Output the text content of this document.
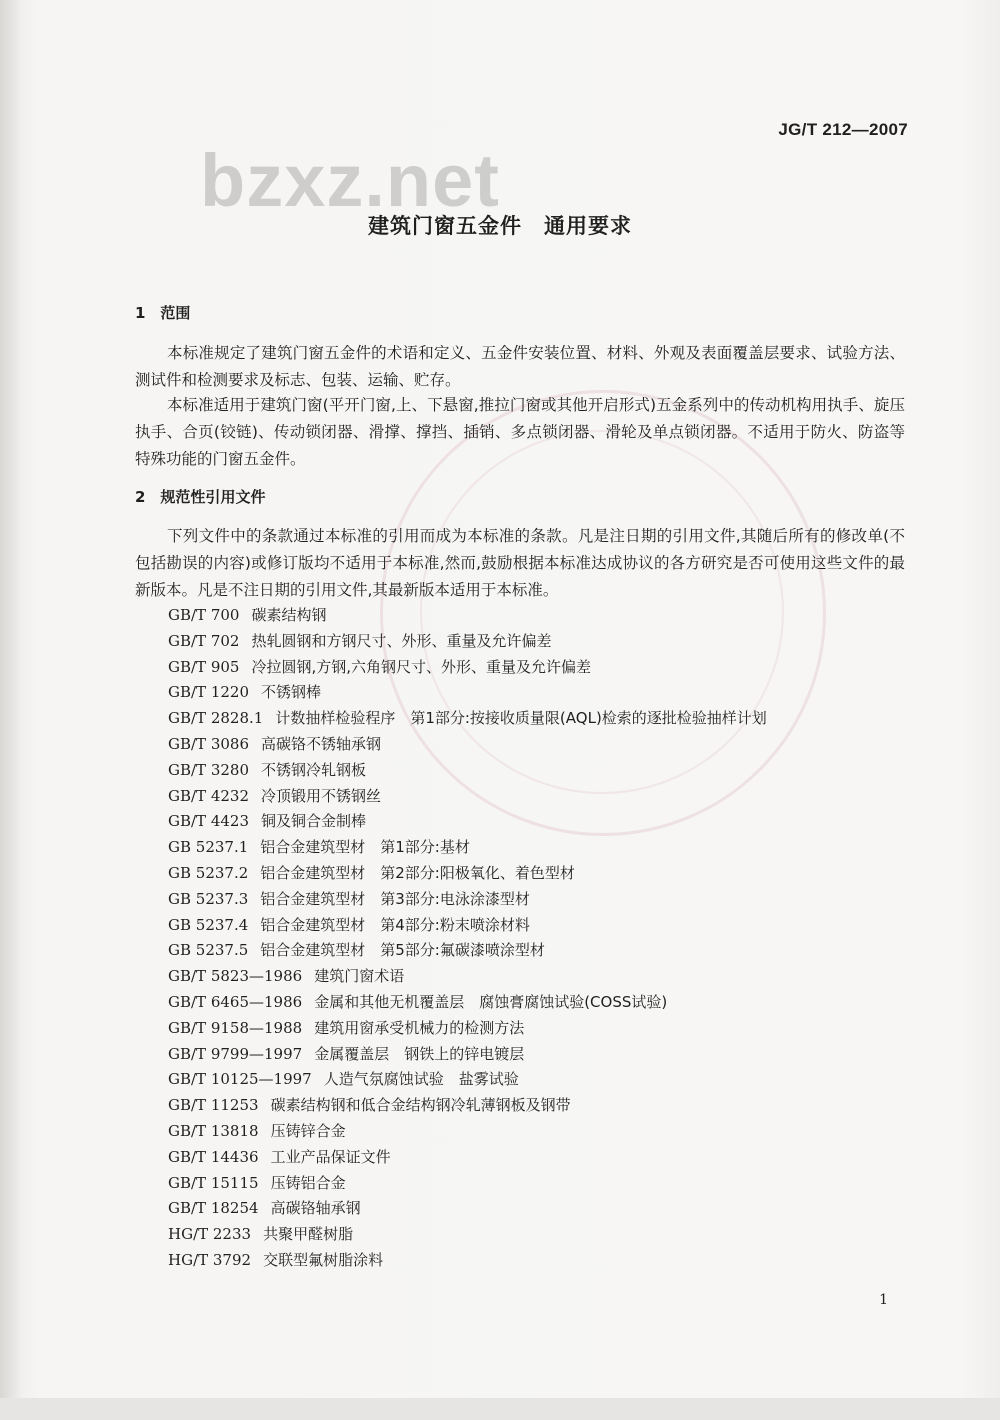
JG/T 212—2007
bzxz.net
建筑门窗五金件　通用要求
1　范围
本标准规定了建筑门窗五金件的术语和定义、五金件安装位置、材料、外观及表面覆盖层要求、试验方法、测试件和检测要求及标志、包装、运输、贮存。
本标准适用于建筑门窗(平开门窗,上、下悬窗,推拉门窗或其他开启形式)五金系列中的传动机构用执手、旋压执手、合页(铰链)、传动锁闭器、滑撑、撑挡、插销、多点锁闭器、滑轮及单点锁闭器。不适用于防火、防盗等特殊功能的门窗五金件。
2　规范性引用文件
下列文件中的条款通过本标准的引用而成为本标准的条款。凡是注日期的引用文件,其随后所有的修改单(不包括勘误的内容)或修订版均不适用于本标准,然而,鼓励根据本标准达成协议的各方研究是否可使用这些文件的最新版本。凡是不注日期的引用文件,其最新版本适用于本标准。
GB/T 700 碳素结构钢
GB/T 702 热轧圆钢和方钢尺寸、外形、重量及允许偏差
GB/T 905 冷拉圆钢,方钢,六角钢尺寸、外形、重量及允许偏差
GB/T 1220 不锈钢棒
GB/T 2828.1 计数抽样检验程序　第1部分:按接收质量限(AQL)检索的逐批检验抽样计划
GB/T 3086 高碳铬不锈轴承钢
GB/T 3280 不锈钢冷轧钢板
GB/T 4232 冷顶锻用不锈钢丝
GB/T 4423 铜及铜合金制棒
GB 5237.1 铝合金建筑型材　第1部分:基材
GB 5237.2 铝合金建筑型材　第2部分:阳极氧化、着色型材
GB 5237.3 铝合金建筑型材　第3部分:电泳涂漆型材
GB 5237.4 铝合金建筑型材　第4部分:粉末喷涂材料
GB 5237.5 铝合金建筑型材　第5部分:氟碳漆喷涂型材
GB/T 5823—1986 建筑门窗术语
GB/T 6465—1986 金属和其他无机覆盖层　腐蚀膏腐蚀试验(COSS试验)
GB/T 9158—1988 建筑用窗承受机械力的检测方法
GB/T 9799—1997 金属覆盖层　钢铁上的锌电镀层
GB/T 10125—1997 人造气氛腐蚀试验　盐雾试验
GB/T 11253 碳素结构钢和低合金结构钢冷轧薄钢板及钢带
GB/T 13818 压铸锌合金
GB/T 14436 工业产品保证文件
GB/T 15115 压铸铝合金
GB/T 18254 高碳铬轴承钢
HG/T 2233 共聚甲醛树脂
HG/T 3792 交联型氟树脂涂料
1
